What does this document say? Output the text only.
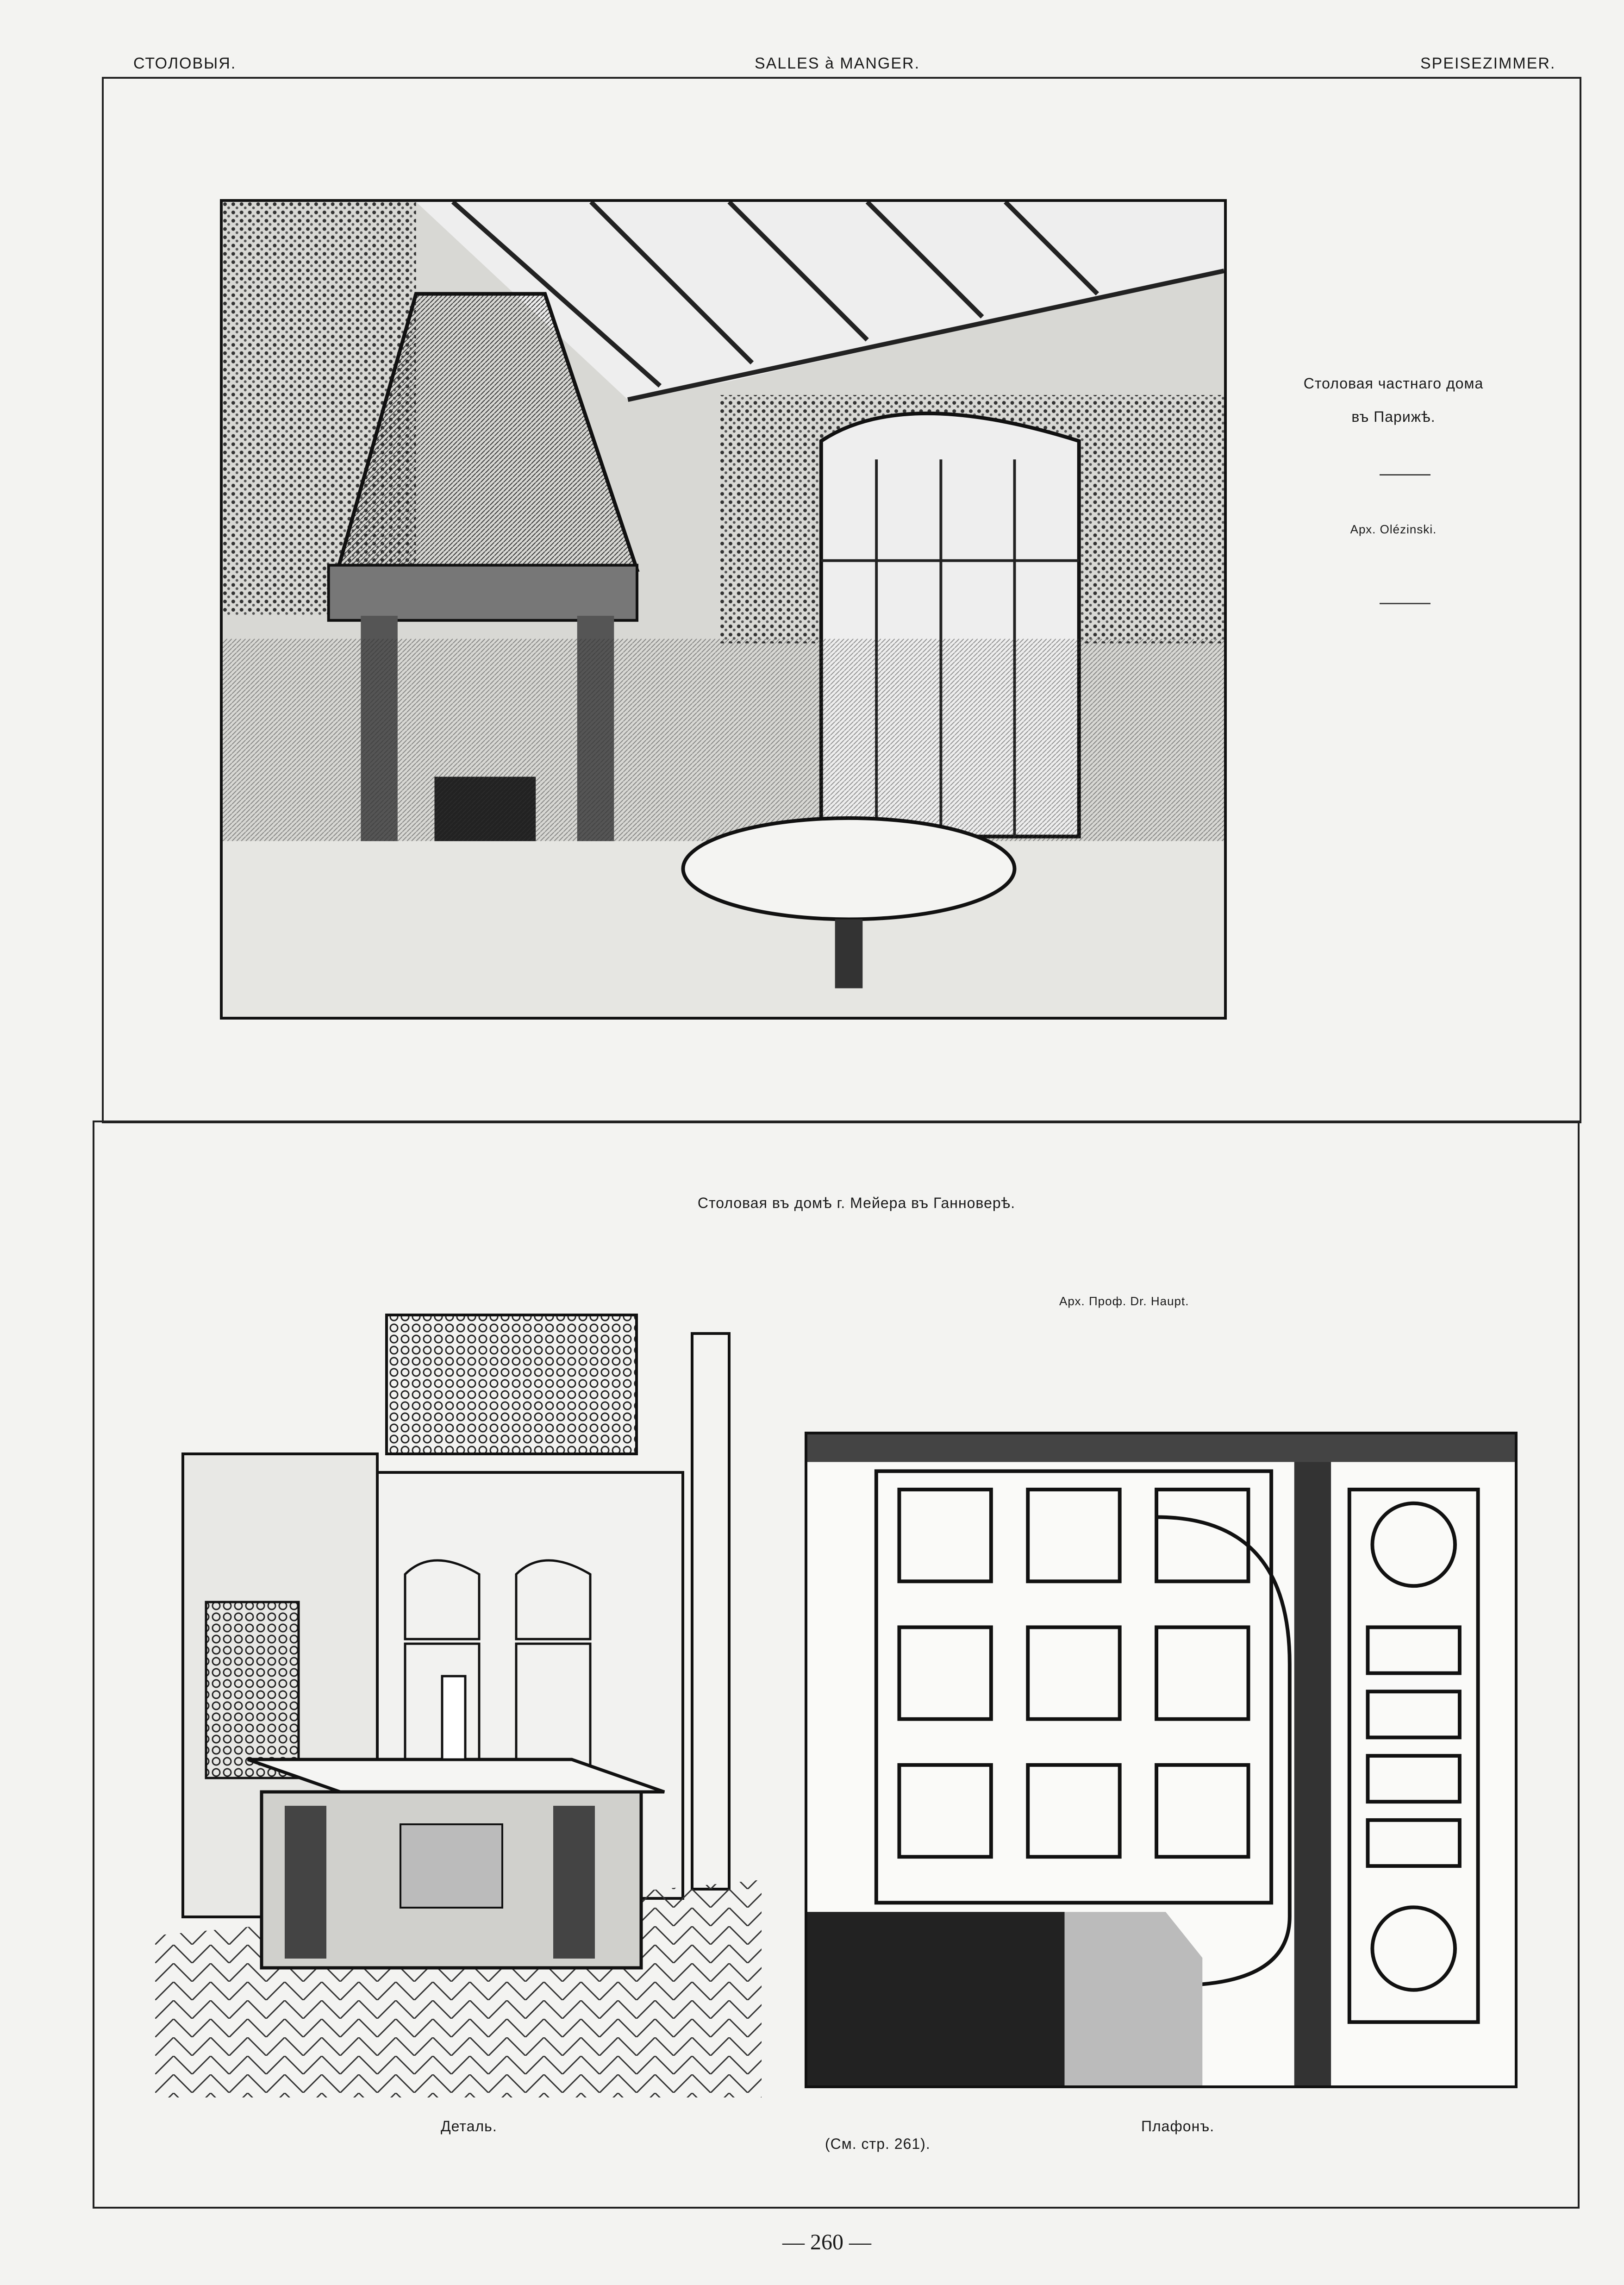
СТОЛОВЫЯ.	SALLES à MANGER.	SPEISEZIMMER.
Столовая частнаго дома
въ Парижѣ.
Арх. Olézinski.
Столовая въ домѣ г. Мейера въ Ганноверѣ.
Арх. Проф. Dr. Haupt.
Деталь.	Плафонъ.
(См. стр. 261).
— 260 —
